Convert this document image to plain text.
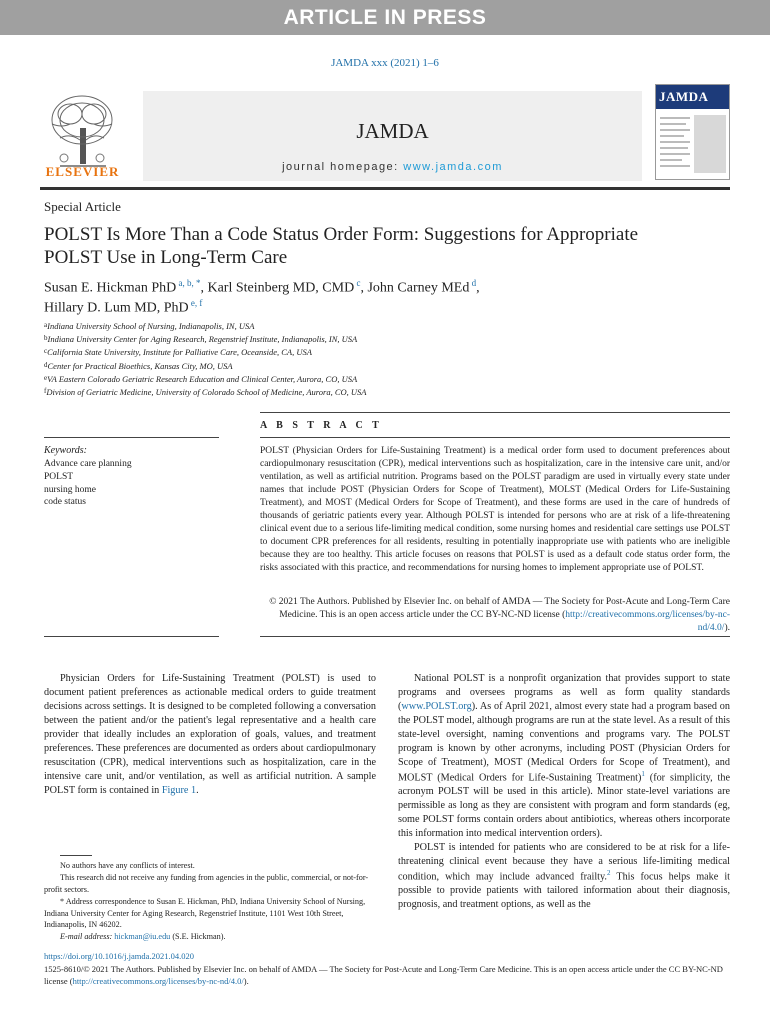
ARTICLE IN PRESS
JAMDA xxx (2021) 1–6
ELSEVIER
JAMDA
journal homepage: www.jamda.com
JAMDA
Special Article
POLST Is More Than a Code Status Order Form: Suggestions for Appropriate POLST Use in Long-Term Care
Susan E. Hickman PhD $^{a, b, *}$, Karl Steinberg MD, CMD $^c$, John Carney MEd $^d$,
Hillary D. Lum MD, PhD $^{e, f}$
$^a$Indiana University School of Nursing, Indianapolis, IN, USA
$^b$Indiana University Center for Aging Research, Regenstrief Institute, Indianapolis, IN, USA
$^c$California State University, Institute for Palliative Care, Oceanside, CA, USA
$^d$Center for Practical Bioethics, Kansas City, MO, USA
$^e$VA Eastern Colorado Geriatric Research Education and Clinical Center, Aurora, CO, USA
$^f$Division of Geriatric Medicine, University of Colorado School of Medicine, Aurora, CO, USA
A B S T R A C T
Keywords:
Advance care planning
POLST
nursing home
code status
POLST (Physician Orders for Life-Sustaining Treatment) is a medical order form used to document preferences about cardiopulmonary resuscitation (CPR), medical interventions such as hospitalization, care in the intensive care unit, and/or ventilation, as well as artificial nutrition. Programs based on the POLST paradigm are used in virtually every state under names that include POST (Physician Orders for Scope of Treatment), MOLST (Medical Orders for Life-Sustaining Treatment), and MOST (Medical Orders for Scope of Treatment), and these forms are used in the care of hundreds of thousands of geriatric patients every year. Although POLST is intended for persons who are at risk of a life-threatening clinical event due to a serious life-limiting medical condition, some nursing homes and residential care settings use POLST to document CPR preferences for all residents, resulting in potentially inappropriate use with patients who are ineligible because they are too healthy. This article focuses on reasons that POLST is used as a default code status order form, the risks associated with this practice, and recommendations for nursing homes to implement appropriate use of POLST.
© 2021 The Authors. Published by Elsevier Inc. on behalf of AMDA — The Society for Post-Acute and Long-Term Care Medicine. This is an open access article under the CC BY-NC-ND license (http://creativecommons.org/licenses/by-nc-nd/4.0/).
Physician Orders for Life-Sustaining Treatment (POLST) is used to document patient preferences as actionable medical orders to guide treatment decisions across settings. It is designed to be completed following a conversation between the patient and/or the patient's legal representative and a health care provider that ideally includes an exploration of goals, values, and treatment preferences. These preferences are documented as orders about cardiopulmonary resuscitation (CPR), medical interventions such as hospitalization, care in the intensive care unit, and/or ventilation, as well as artificial nutrition. A sample POLST form is contained in Figure 1.

National POLST is a nonprofit organization that provides support to state programs and oversees programs as well as form quality standards (www.POLST.org). As of April 2021, almost every state had a program based on the POLST model, although programs are run at the state level. As a result of this state-level oversight, naming conventions and programs vary. The POLST program is known by other acronyms, including POST (Physician Orders for Scope of Treatment), MOST (Medical Orders for Scope of Treatment), and MOLST (Medical Orders for Life-Sustaining Treatment)$^1$ (for simplicity, the acronym POLST will be used in this article). Minor state-level variations are permissible as long as they are consistent with program and form standards (eg, some POLST forms contain orders about antibiotics, whereas others incorporate this information into medical intervention orders).

POLST is intended for patients who are considered to be at risk for a life-threatening clinical event because they have a serious life-limiting medical condition, which may include advanced frailty.$^2$ This focus helps make it possible to provide patients with tailored information about their diagnosis, prognosis, and treatment options, as well as the

No authors have any conflicts of interest.

This research did not receive any funding from agencies in the public, commercial, or not-for-profit sectors.

* Address correspondence to Susan E. Hickman, PhD, Indiana University School of Nursing, Indiana University Center for Aging Research, Regenstrief Institute, 1101 West 10th Street, Indianapolis, IN 46202.

E-mail address: hickman@iu.edu (S.E. Hickman).

https://doi.org/10.1016/j.jamda.2021.04.020
1525-8610/© 2021 The Authors. Published by Elsevier Inc. on behalf of AMDA — The Society for Post-Acute and Long-Term Care Medicine. This is an open access article under the CC BY-NC-ND license (http://creativecommons.org/licenses/by-nc-nd/4.0/).
